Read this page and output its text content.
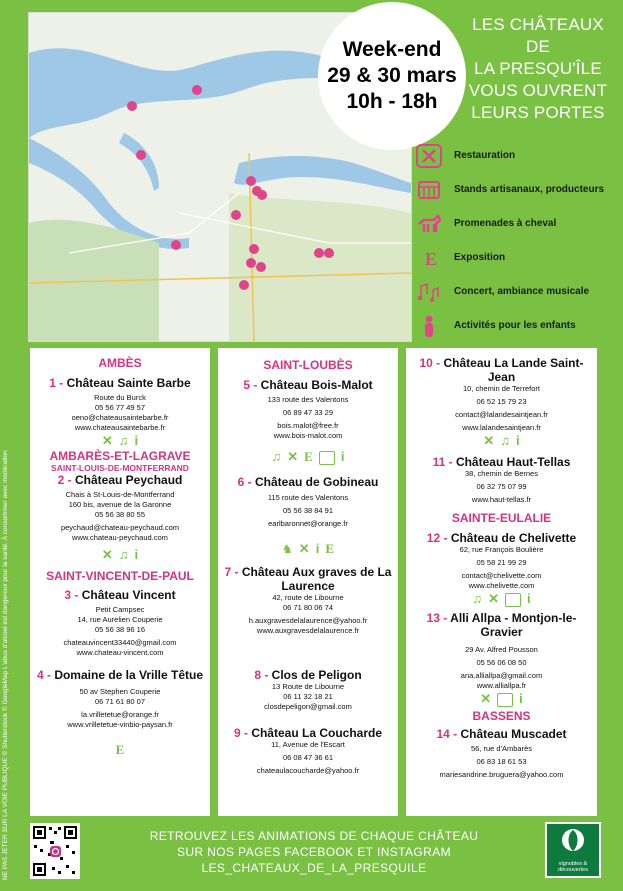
Week-end
29 & 30 mars
10h - 18h
LES CHÂTEAUX DE
LA PRESQU'ÎLE
VOUS OUVRENT
LEURS PORTES
Restauration
Stands artisanaux, producteurs
Promenades à cheval
E Exposition
Concert, ambiance musicale
Activités pour les enfants
NE PAS JETER SUR LA VOIE PUBLIQUE © Shutterstock © GoogleMap L'abus d'alcool est dangereux pour la santé. À consommer avec modération
AMBÈS
1 - Château Sainte Barbe
Route du Burck
05 56 77 49 57
oeno@chateausaintebarbe.fr
www.chateausaintebarbe.fr
✕ ♫ i
AMBARÈS-ET-LAGRAVE
SAINT-LOUIS-DE-MONTFERRAND
2 - Château Peychaud
Chais à St-Louis-de-Montferrand
160 bis, avenue de la Garonne
05 56 38 80 55
peychaud@chateau-peychaud.com
www.chateau-peychaud.com
✕ ♫ i
SAINT-VINCENT-DE-PAUL
3 - Château Vincent
Petit Campsec
14, rue Aurelien Couperie
05 56 38 96 16
chateauvincent33440@gmail.com
www.chateau-vincent.com
4 - Domaine de la Vrille Têtue
50 av Stephen Couperie
06 71 61 80 07
la.vrilletetue@orange.fr
www.vrilletetue-vinbio-paysan.fr
E
SAINT-LOUBÈS
5 - Château Bois-Malot
133 route des Valentons
06 89 47 33 29
bois.malot@free.fr
www.bois-malot.com
♫ ✕ E i
6 - Château de Gobineau
115 route des Valentons
05 56 38 84 91
earlbaronnet@orange.fr
♞ ✕ i E
7 - Château Aux graves de La Laurence
42, route de Libourne
06 71 80 06 74
h.auxgravesdelalaurence@yahoo.fr
www.auxgravesdelalaurence.fr
8 - Clos de Peligon
13 Route de Libourne
06 11 32 18 21
closdepeligon@gmail.com
9 - Château La Coucharde
11, Avenue de l'Escart
06 08 47 36 61
chateaulacoucharde@yahoo.fr
10 - Château La Lande Saint-Jean
10, chemin de Terrefort
06 52 15 79 23
contact@lalandesaintjean.fr
www.lalandesaintjean.fr
✕ ♫ i
11 - Château Haut-Tellas
38, chemin de Bernes
06 32 75 07 99
www.haut-tellas.fr
SAINTE-EULALIE
12 - Château de Chelivette
62, rue François Boulière
05 58 21 99 29
contact@chelivette.com
www.chelivette.com
♫ ✕ i
13 - Alli Allpa - Montjon-le-Gravier
29 Av. Alfred Pousson
05 56 06 08 50
ana.alliallpa@gmail.com
www.alliallpa.fr
✕ i
BASSENS
14 - Château Muscadet
56, rue d'Ambarès
06 83 18 61 53
mariesandrine.bruguera@yahoo.com
RETROUVEZ LES ANIMATIONS DE CHAQUE CHÂTEAU
SUR NOS PAGES FACEBOOK ET INSTAGRAM
LES_CHATEAUX_DE_LA_PRESQUILE	vignobles & découvertes
